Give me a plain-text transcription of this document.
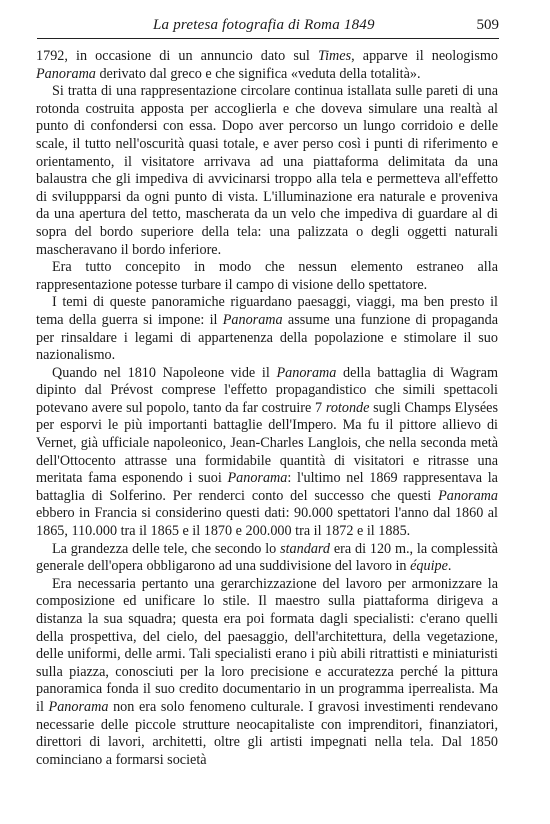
La pretesa fotografia di Roma 1849	509

1792, in occasione di un annuncio dato sul Times, apparve il neologismo Panorama derivato dal greco e che significa «veduta della totalità».

Si tratta di una rappresentazione circolare continua istallata sulle pareti di una rotonda costruita apposta per accoglierla e che doveva simulare una realtà al punto di confondersi con essa. Dopo aver percorso un lungo corridoio e delle scale, il tutto nell'oscurità quasi totale, e aver perso così i punti di riferimento e orientamento, il visitatore arrivava ad una piattaforma delimitata da una balaustra che gli impediva di avvicinarsi troppo alla tela e permetteva all'effetto di sviluppparsi da ogni punto di vista. L'illuminazione era naturale e proveniva da una apertura del tetto, mascherata da un velo che impediva di guardare al di sopra del bordo superiore della tela: una palizzata o degli oggetti naturali mascheravano il bordo inferiore.

Era tutto concepito in modo che nessun elemento estraneo alla rappresentazione potesse turbare il campo di visione dello spettatore.

I temi di queste panoramiche riguardano paesaggi, viaggi, ma ben presto il tema della guerra si impone: il Panorama assume una funzione di propaganda per rinsaldare i legami di appartenenza della popolazione e stimolare il suo nazionalismo.

Quando nel 1810 Napoleone vide il Panorama della battaglia di Wagram dipinto dal Prévost comprese l'effetto propagandistico che simili spettacoli potevano avere sul popolo, tanto da far costruire 7 rotonde sugli Champs Elysées per esporvi le più importanti battaglie dell'Impero. Ma fu il pittore allievo di Vernet, già ufficiale napoleonico, Jean-Charles Langlois, che nella seconda metà dell'Ottocento attrasse una formidabile quantità di visitatori e ritrasse una meritata fama esponendo i suoi Panorama: l'ultimo nel 1869 rappresentava la battaglia di Solferino. Per renderci conto del successo che questi Panorama ebbero in Francia si considerino questi dati: 90.000 spettatori l'anno dal 1860 al 1865, 110.000 tra il 1865 e il 1870 e 200.000 tra il 1872 e il 1885.

La grandezza delle tele, che secondo lo standard era di 120 m., la complessità generale dell'opera obbligarono ad una suddivisione del lavoro in équipe.

Era necessaria pertanto una gerarchizzazione del lavoro per armonizzare la composizione ed unificare lo stile. Il maestro sulla piattaforma dirigeva a distanza la sua squadra; questa era poi formata dagli specialisti: c'erano quelli della prospettiva, del cielo, del paesaggio, dell'architettura, della vegetazione, delle uniformi, delle armi. Tali specialisti erano i più abili ritrattisti e miniaturisti sulla piazza, conosciuti per la loro precisione e accuratezza perché la pittura panoramica fonda il suo credito documentario in un programma iperrealista. Ma il Panorama non era solo fenomeno culturale. I gravosi investimenti rendevano necessarie delle piccole strutture neocapitaliste con imprenditori, finanziatori, direttori di lavori, architetti, oltre gli artisti impegnati nella tela. Dal 1850 cominciano a formarsi società
